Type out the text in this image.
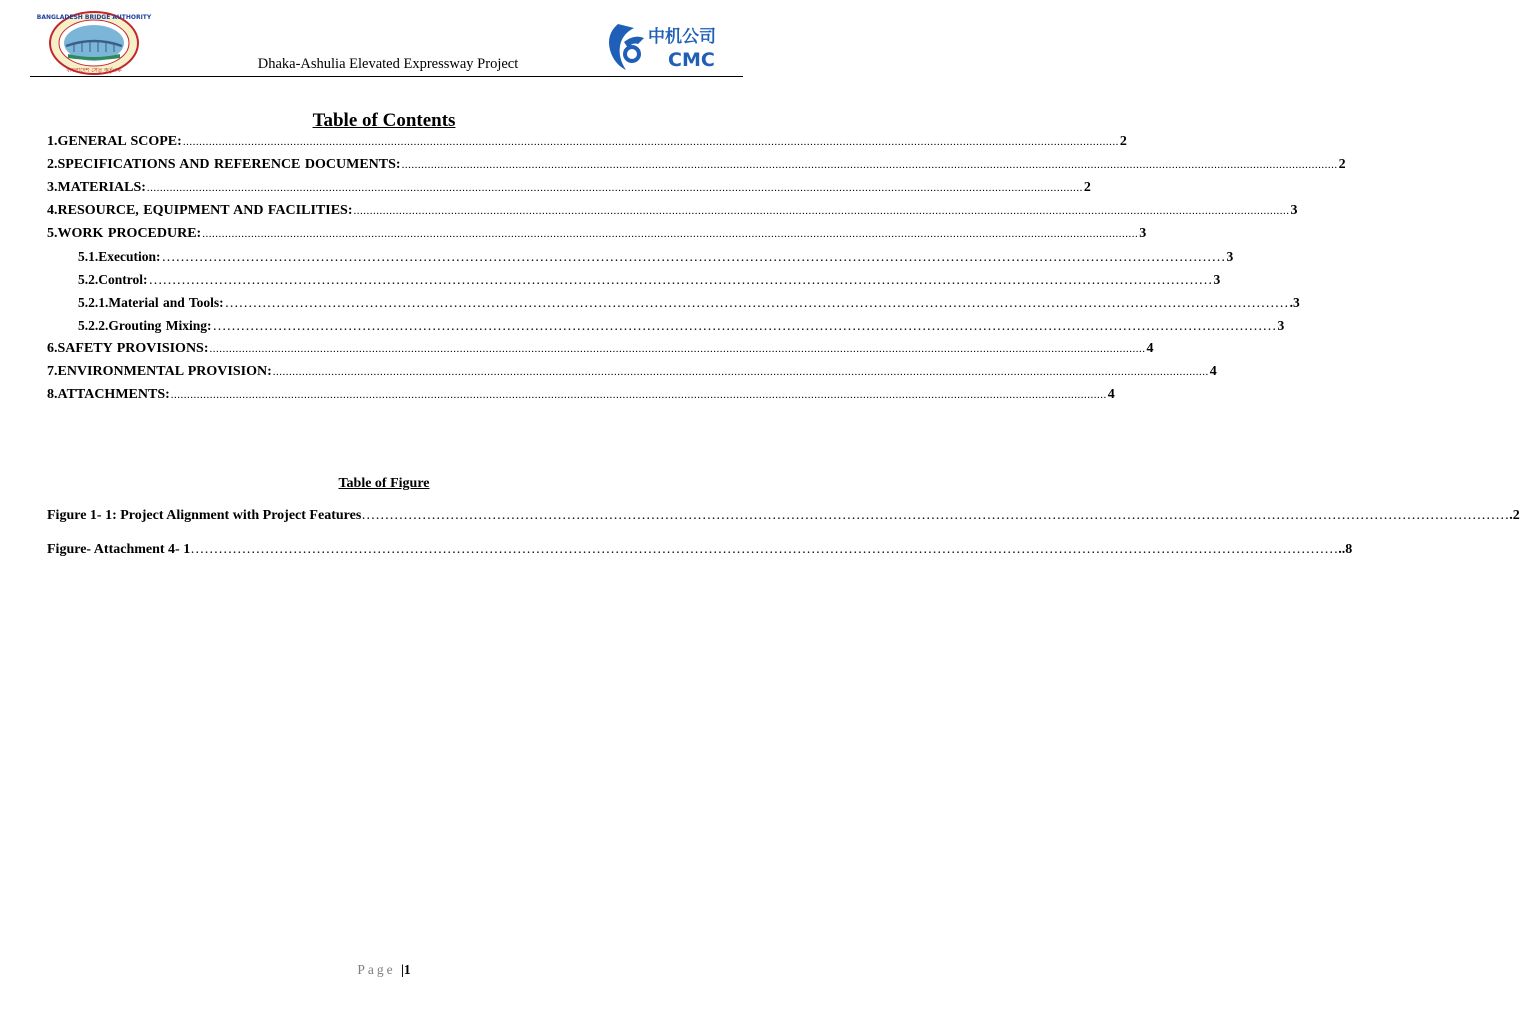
BANGLADESH BRIDGE AUTHORITY
বাংলাদেশ সেতু কর্তৃপক্ষ	Dhaka-Ashulia Elevated Expressway Project
中机公司
CMC
Table of Contents
1. GENERAL SCOPE: .....	2
2. SPECIFICATIONS AND REFERENCE DOCUMENTS: .....	2
3. MATERIALS: .....	2
4. RESOURCE, EQUIPMENT AND FACILITIES: .....	3
5. WORK PROCEDURE: .....	3
5.1. Execution: …………………………………………………………………………………………………………………………………………………………………………………………………………	3
5.2. Control: …………………………………………………………………………………………………………………………………………………………………………………………………………	3
5.2.1. Material and Tools: …………………………………………………………………………………………………………………………………………………………………………………………………………	.3
5.2.2. Grouting Mixing: …………………………………………………………………………………………………………………………………………………………………………………………………………	3
6. SAFETY PROVISIONS: .....	4
7. ENVIRONMENTAL PROVISION: .....	4
8. ATTACHMENTS: .....	4
Table of Figure
Figure 1- 1: Project Alignment with Project Features …………………………………………………………………………………………………………………………………………………………………………………………………………………………	.2
Figure- Attachment 4- 1 …………………………………………………………………………………………………………………………………………………………………………………………………………………………	..8
Page |1
